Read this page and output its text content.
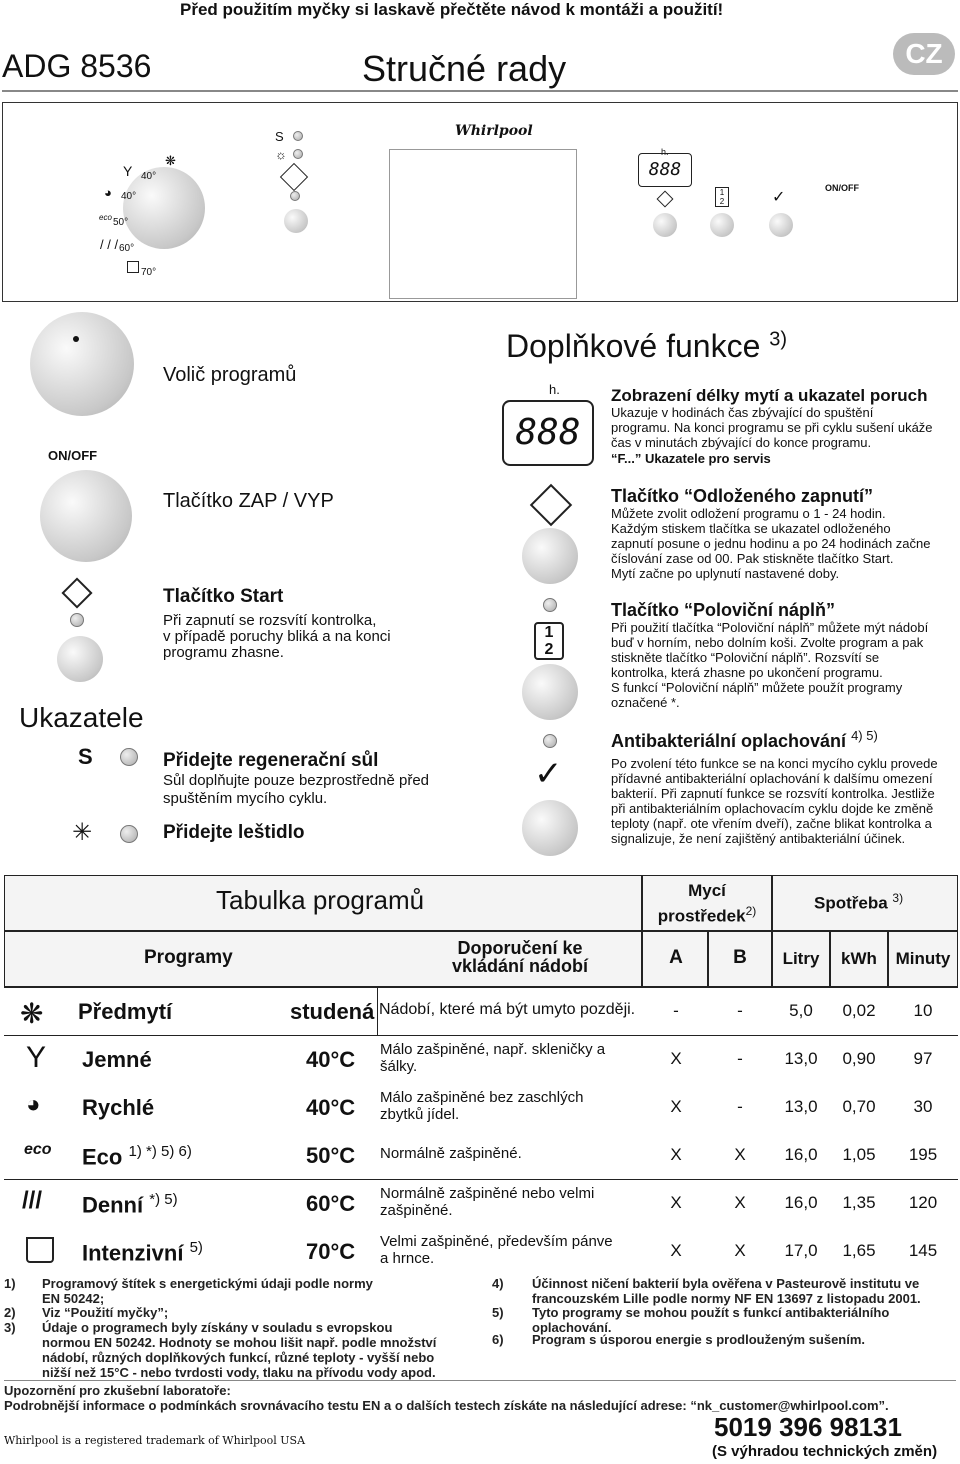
Před použitím myčky si laskavě přečtěte návod k montáži a použití!
ADG 8536	Stručné rady	CZ
Y 40°
❋
40°
◕
eco 50°
/ / / 60°
70°
S
☼
Whirlpool
h.
888
1
2	✓
ON/OFF
Volič programů
ON/OFF
Tlačítko ZAP / VYP
Tlačítko Start
Při zapnutí se rozsvítí kontrolka,
v případě poruchy bliká a na konci
programu zhasne.
Ukazatele
S	Přidejte regenerační sůl
Sůl doplňujte pouze bezprostředně před
spuštěním mycího cyklu.
✳	Přidejte leštidlo
Doplňkové funkce $^{3)}$
h.
888
Zobrazení délky mytí a ukazatel poruch
Ukazuje v hodinách čas zbývající do spuštění
programu. Na konci programu se při cyklu sušení ukáže
čas v minutách zbývající do konce programu.
“F...” Ukazatele pro servis
Tlačítko “Odloženého zapnutí”
Můžete zvolit odložení programu o 1 - 24 hodin.
Každým stiskem tlačítka se ukazatel odloženého
zapnutí posune o jednu hodinu a po 24 hodinách začne
číslování zase od 00. Pak stiskněte tlačítko Start.
Mytí začne po uplynutí nastavené doby.
1
2
Tlačítko “Poloviční náplň”
Při použití tlačítka “Poloviční náplň” můžete mýt nádobí
buď v horním, nebo dolním koši. Zvolte program a pak
stiskněte tlačítko “Poloviční náplň”. Rozsvítí se
kontrolka, která zhasne po ukončení programu.
S funkcí “Poloviční náplň” můžete použít programy
označené *.
✓
Antibakteriální oplachování $^{4) 5)}$
Po zvolení této funkce se na konci mycího cyklu provede
přídavné antibakteriální oplachování k dalšímu omezení
bakterií. Při zapnutí funkce se rozsvítí kontrolka. Jestliže
při antibakteriálním oplachovacím cyklu dojde ke změně
teploty (např. ote vřením dveří), začne blikat kontrolka a
signalizuje, že není zajištěný antibakteriální účinek.
Tabulka programů
Programy	Doporučení ke
vkládání nádobí
Mycí
prostředek$^{2)}$	Spotřeba $^{3)}$
A	B	Litry	kWh	Minuty
❋ Předmytí	studená Nádobí, které má být umyto později.	-	-	5,0	0,02	10
Y Jemné	40°C Málo zašpiněné, např. skleničky a
šálky.	X	-	13,0	0,90	97
◕ Rychlé	40°C Málo zašpiněné bez zaschlých
zbytků jídel.	X	-	13,0	0,70	30
eco Eco $^{1) *) 5) 6)}$	50°C Normálně zašpiněné.	X	X	16,0	1,05	195
/// Denní $^{*) 5)}$	60°C Normálně zašpiněné nebo velmi
zašpiněné.	X	X	16,0	1,35	120
Intenzivní $^{5)}$	70°C Velmi zašpiněné, především pánve
a hrnce.	X	X	17,0	1,65	145
1) Programový štítek s energetickými údaji podle normy
EN 50242;
2) Viz “Použití myčky”;
3) Údaje o programech byly získány v souladu s evropskou
normou EN 50242. Hodnoty se mohou lišit např. podle množství
nádobí, různých doplňkových funkcí, různé teploty - vyšší nebo
nižší než 15°C - nebo tvrdosti vody, tlaku na přívodu vody apod.
4) Účinnost ničení bakterií byla ověřena v Pasteurově institutu ve
francouzském Lille podle normy NF EN 13697 z listopadu 2001.
5) Tyto programy se mohou použít s funkcí antibakteriálního
oplachování.
6) Program s úsporou energie s prodlouženým sušením.
Upozornění pro zkušební laboratoře:
Podrobnější informace o podmínkách srovnávacího testu EN a o dalších testech získáte na následující adrese: “nk_customer@whirlpool.com”.
Whirlpool is a registered trademark of Whirlpool USA	5019 396 98131
(S výhradou technických změn)
